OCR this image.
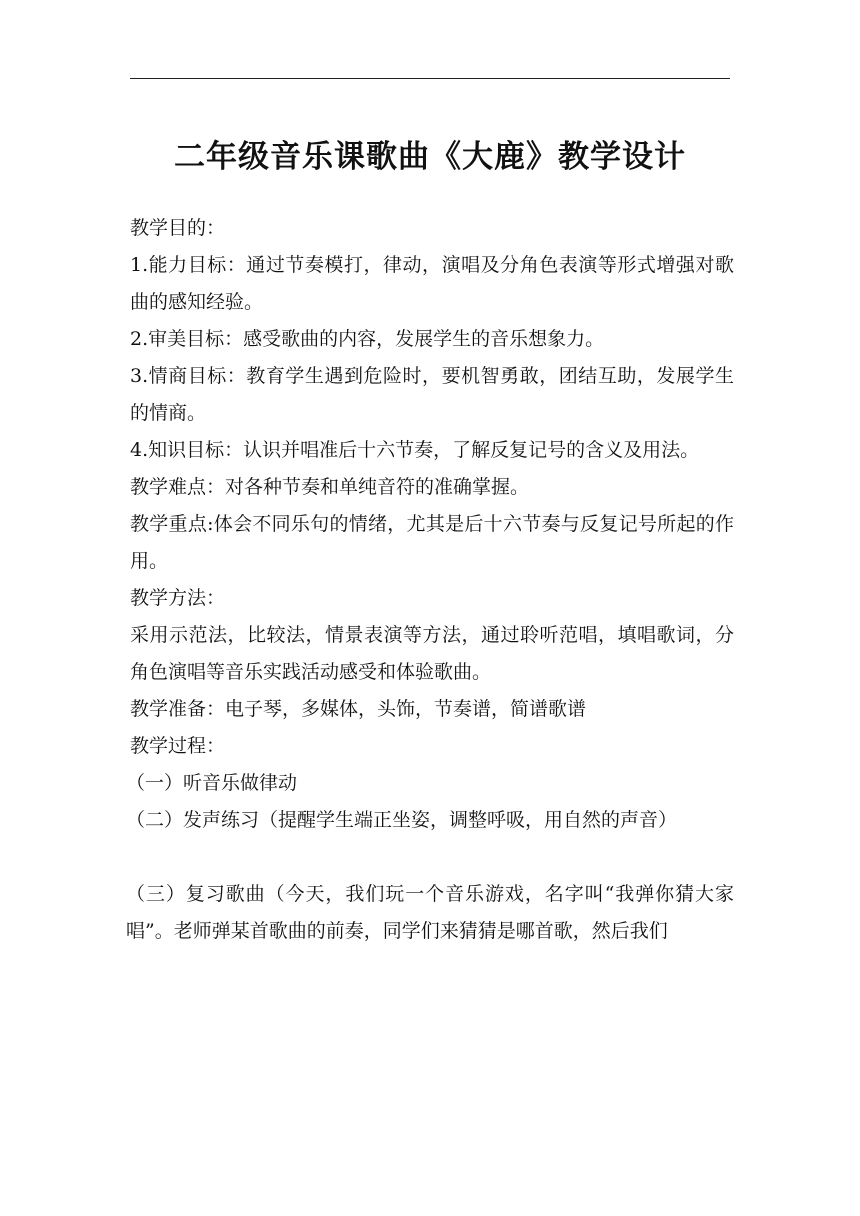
二年级音乐课歌曲《大鹿》教学设计

教学目的：

1.能力目标：通过节奏模打，律动，演唱及分角色表演等形式增强对歌曲的感知经验。

2.审美目标：感受歌曲的内容，发展学生的音乐想象力。

3.情商目标：教育学生遇到危险时，要机智勇敢，团结互助，发展学生的情商。

4.知识目标：认识并唱准后十六节奏，了解反复记号的含义及用法。

教学难点：对各种节奏和单纯音符的准确掌握。

教学重点:体会不同乐句的情绪，尤其是后十六节奏与反复记号所起的作用。

教学方法：

采用示范法，比较法，情景表演等方法，通过聆听范唱，填唱歌词，分角色演唱等音乐实践活动感受和体验歌曲。

教学准备：电子琴，多媒体，头饰，节奏谱，简谱歌谱

教学过程：

（一）听音乐做律动

（二）发声练习（提醒学生端正坐姿，调整呼吸，用自然的声音）

（三）复习歌曲（今天，我们玩一个音乐游戏，名字叫“我弹你猜大家唱”。老师弹某首歌曲的前奏，同学们来猜猜是哪首歌，然后我们
